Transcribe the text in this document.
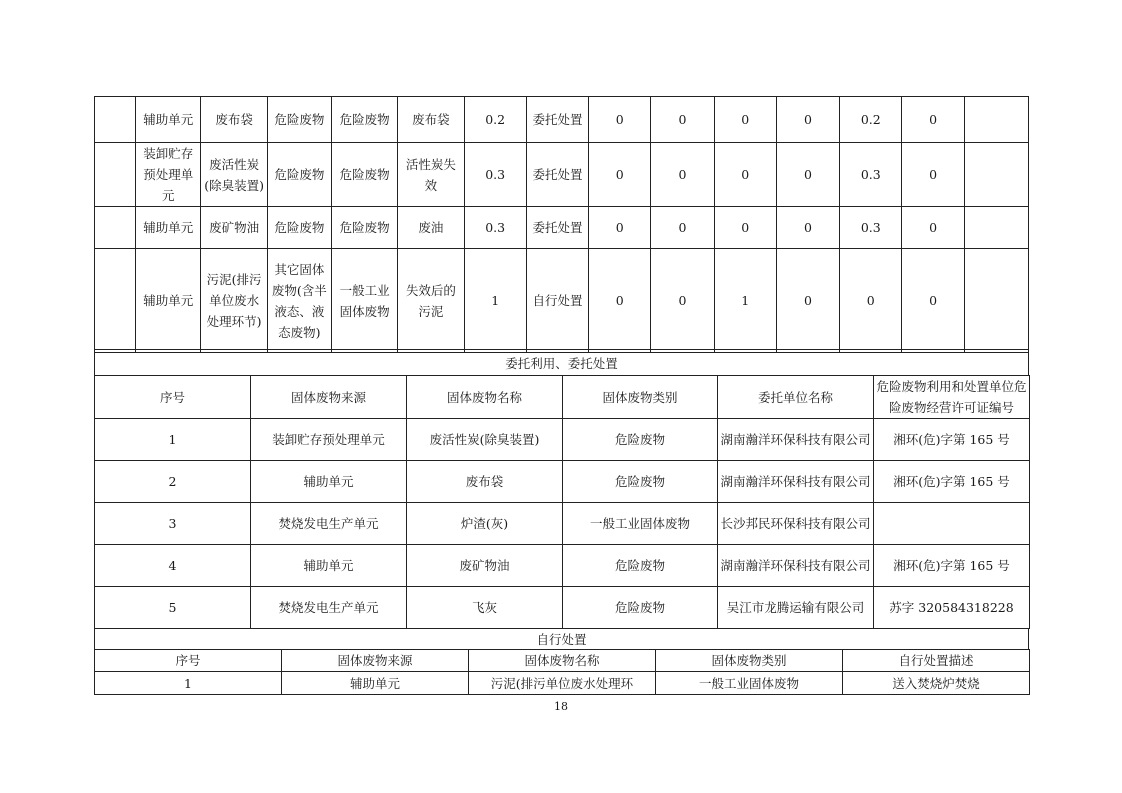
	辅助单元	废布袋	危险废物	危险废物	废布袋	0.2	委托处置	0	0	0	0	0.2	0	
	装卸贮存预处理单元	废活性炭(除臭装置)	危险废物	危险废物	活性炭失效	0.3	委托处置	0	0	0	0	0.3	0	
	辅助单元	废矿物油	危险废物	危险废物	废油	0.3	委托处置	0	0	0	0	0.3	0	
	辅助单元	污泥(排污单位废水处理环节)	其它固体废物(含半液态、液态废物)	一般工业固体废物	失效后的污泥	1	自行处置	0	0	1	0	0	0	
委托利用、委托处置
序号	固体废物来源	固体废物名称	固体废物类别	委托单位名称	危险废物利用和处置单位危险废物经营许可证编号
1	装卸贮存预处理单元	废活性炭(除臭装置)	危险废物	湖南瀚洋环保科技有限公司	湘环(危)字第 165 号
2	辅助单元	废布袋	危险废物	湖南瀚洋环保科技有限公司	湘环(危)字第 165 号
3	焚烧发电生产单元	炉渣(灰)	一般工业固体废物	长沙邦民环保科技有限公司	
4	辅助单元	废矿物油	危险废物	湖南瀚洋环保科技有限公司	湘环(危)字第 165 号
5	焚烧发电生产单元	飞灰	危险废物	吴江市龙腾运输有限公司	苏字 320584318228
自行处置
序号	固体废物来源	固体废物名称	固体废物类别	自行处置描述
1	辅助单元	污泥(排污单位废水处理环	一般工业固体废物	送入焚烧炉焚烧
18
